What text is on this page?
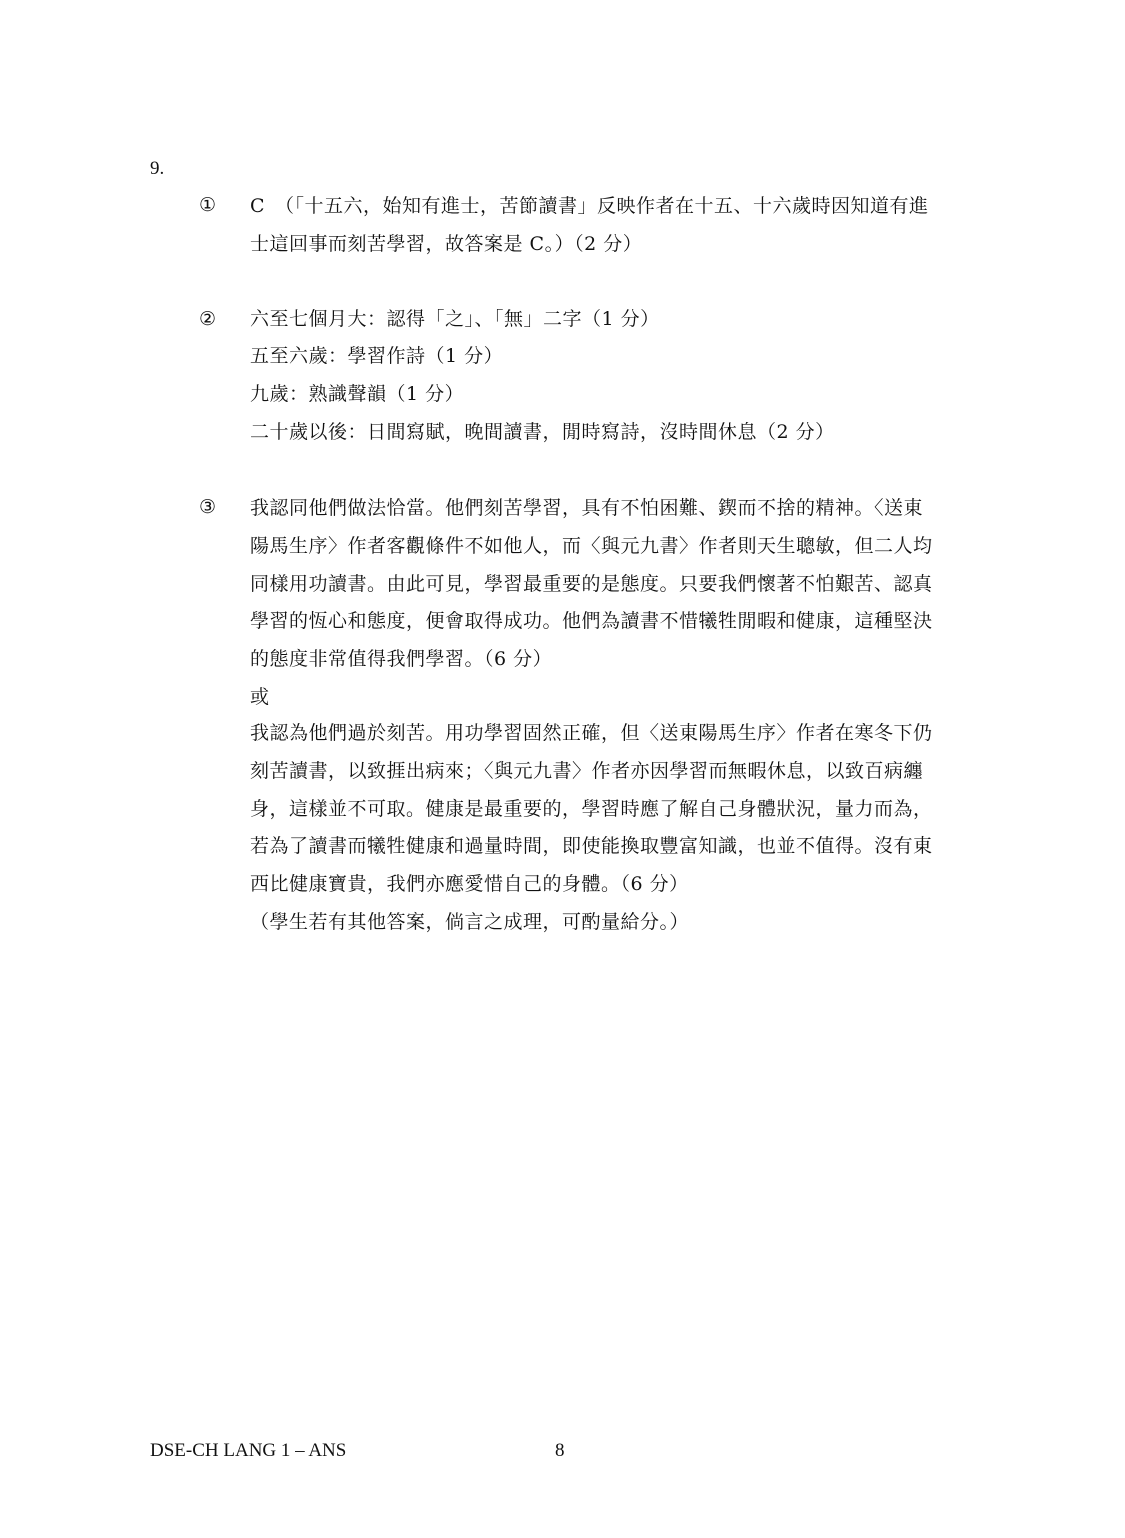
9.
① C　（「十五六，始知有進士，苦節讀書」反映作者在十五、十六歲時因知道有進
士這回事而刻苦學習，故答案是 C。）（2 分）
② 六至七個月大：認得「之」、「無」二字（1 分）
五至六歲：學習作詩（1 分）
九歲：熟識聲韻（1 分）
二十歲以後：日間寫賦，晚間讀書，閒時寫詩，沒時間休息（2 分）
③ 我認同他們做法恰當。他們刻苦學習，具有不怕困難、鍥而不捨的精神。〈送東
陽馬生序〉作者客觀條件不如他人，而〈與元九書〉作者則天生聰敏，但二人均
同樣用功讀書。由此可見，學習最重要的是態度。只要我們懷著不怕艱苦、認真
學習的恆心和態度，便會取得成功。他們為讀書不惜犧牲閒暇和健康，這種堅決
的態度非常值得我們學習。（6 分）
或
我認為他們過於刻苦。用功學習固然正確，但〈送東陽馬生序〉作者在寒冬下仍
刻苦讀書，以致捱出病來；〈與元九書〉作者亦因學習而無暇休息，以致百病纏
身，這樣並不可取。健康是最重要的，學習時應了解自己身體狀況，量力而為，
若為了讀書而犧牲健康和過量時間，即使能換取豐富知識，也並不值得。沒有東
西比健康寶貴，我們亦應愛惜自己的身體。（6 分）
（學生若有其他答案，倘言之成理，可酌量給分。）
DSE-CH LANG 1 – ANS	8
